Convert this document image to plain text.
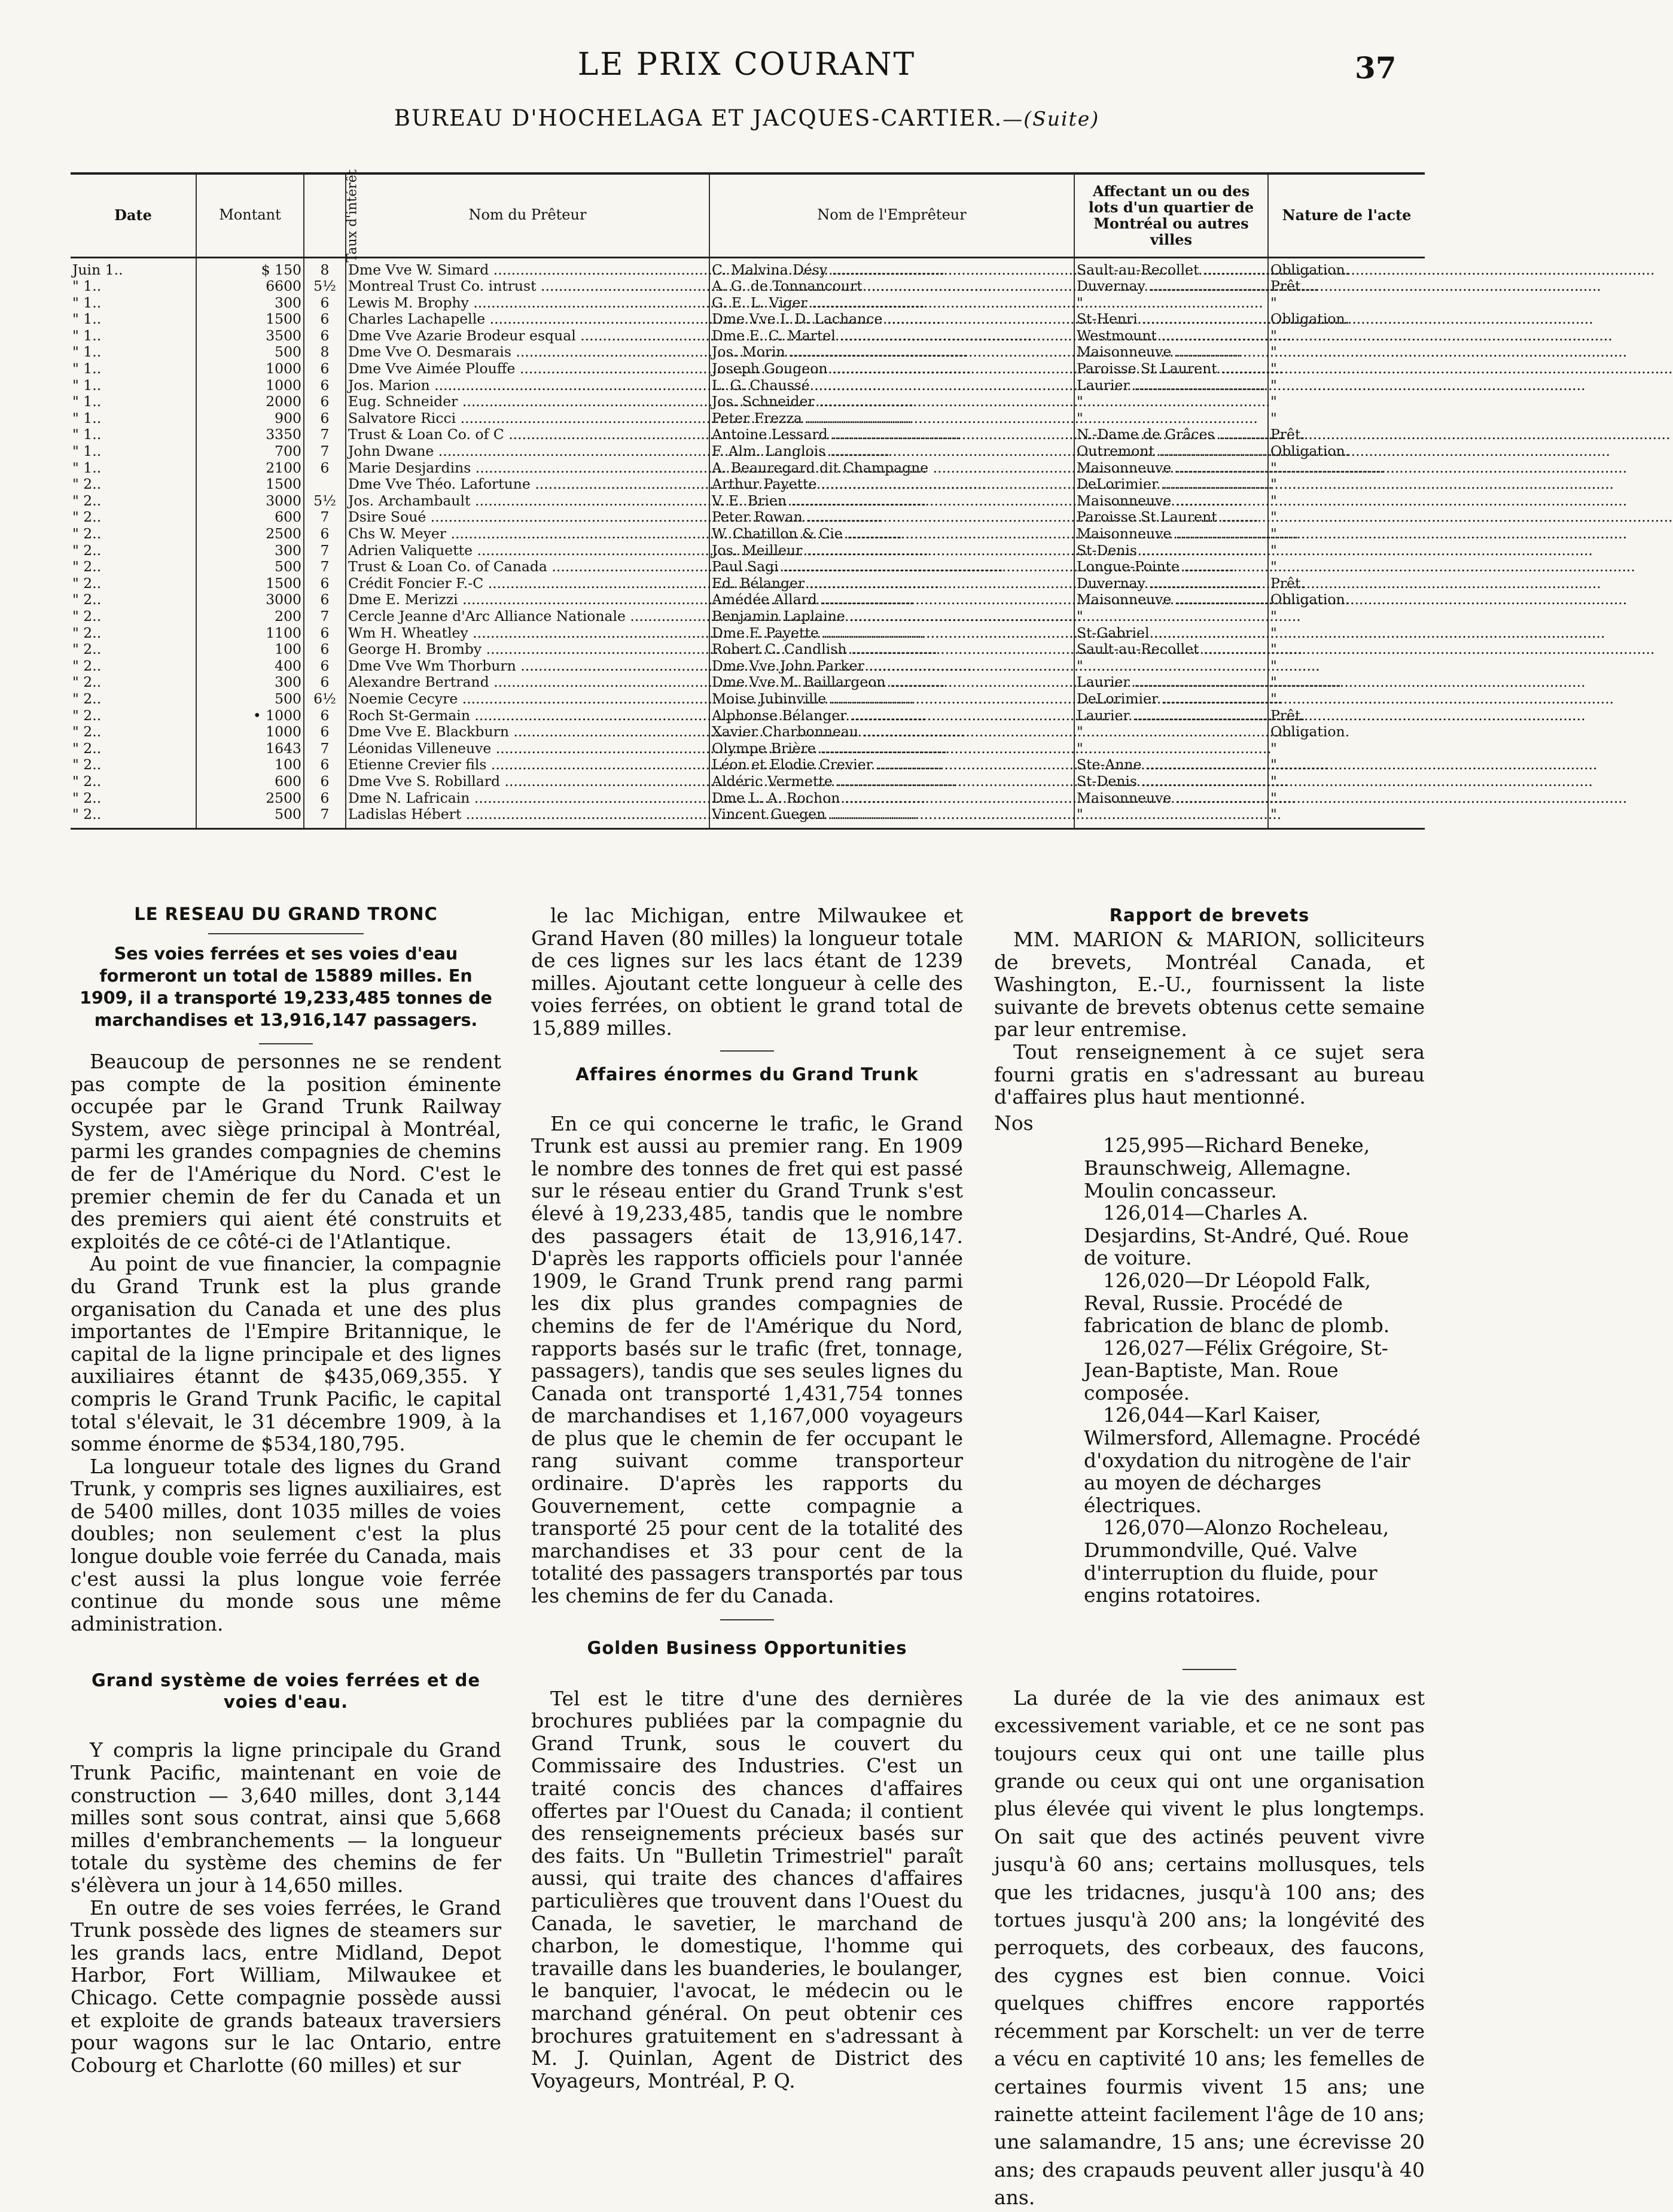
LE PRIX COURANT	37
BUREAU D'HOCHELAGA ET JACQUES-CARTIER.—(Suite)
Date	Montant	Taux d'intérêt	Nom du Prêteur	Nom de l'Emprêteur	Affectant un ou des lots d'un quartier de Montréal ou autres villes	Nature de l'acte
Juin 1..	$ 150	8	Dme Vve W. Simard .....	C. Malvina Désy .....	Sault-au-Recollet .....	Obligation.
" 1..	6600	5½	Montreal Trust Co. intrust .....	A. G. de Tonnancourt .....	Duvernay .....	Prêt.
" 1..	300	6	Lewis M. Brophy .....	G. E. L. Viger .....	"	"
" 1..	1500	6	Charles Lachapelle .....	Dme Vve I. D. Lachance .....	St-Henri .....	Obligation.
" 1..	3500	6	Dme Vve Azarie Brodeur esqual .....	Dme E. C. Martel .....	Westmount .....	"
" 1..	500	8	Dme Vve O. Desmarais .....	Jos. Morin .....	Maisonneuve .....	"
" 1..	1000	6	Dme Vve Aimée Plouffe .....	Joseph Gougeon .....	Paroisse St Laurent .....	"
" 1..	1000	6	Jos. Marion .....	L. G. Chaussé .....	Laurier .....	"
" 1..	2000	6	Eug. Schneider .....	Jos. Schneider .....	"	"
" 1..	900	6	Salvatore Ricci .....	Peter Frezza .....	"	"
" 1..	3350	7	Trust & Loan Co. of C .....	Antoine Lessard .....	N.-Dame de Grâces .....	Prêt.
" 1..	700	7	John Dwane .....	F. Alm. Langlois .....	Outremont .....	Obligation.
" 1..	2100	6	Marie Desjardins .....	A. Beauregard dit Champagne .....	Maisonneuve .....	"
" 2..	1500		Dme Vve Théo. Lafortune .....	Arthur Payette .....	DeLorimier .....	"
" 2..	3000	5½	Jos. Archambault .....	V. E. Brien .....	Maisonneuve .....	"
" 2..	600	7	Dsire Soué .....	Peter Rowan .....	Paroisse St Laurent .....	"
" 2..	2500	6	Chs W. Meyer .....	W. Chatillon & Cie .....	Maisonneuve .....	"
" 2..	300	7	Adrien Valiquette .....	Jos. Meilleur .....	St-Denis .....	"
" 2..	500	7	Trust & Loan Co. of Canada .....	Paul Sagi .....	Longue-Pointe .....	"
" 2..	1500	6	Crédit Foncier F.-C .....	Ed. Bélanger .....	Duvernay .....	Prêt.
" 2..	3000	6	Dme E. Merizzi .....	Amédée Allard .....	Maisonneuve .....	Obligation.
" 2..	200	7	Cercle Jeanne d'Arc Alliance Nationale .....	Benjamin Laplaine .....	"	"
" 2..	1100	6	Wm H. Wheatley .....	Dme F. Payette .....	St-Gabriel .....	"
" 2..	100	6	George H. Bromby .....	Robert C. Candlish .....	Sault-au-Recollet .....	"
" 2..	400	6	Dme Vve Wm Thorburn .....	Dme Vve John Parker .....	"	"
" 2..	300	6	Alexandre Bertrand .....	Dme Vve M. Baillargeon .....	Laurier .....	"
" 2..	500	6½	Noemie Cecyre .....	Moise Jubinville .....	DeLorimier .....	"
" 2..	• 1000	6	Roch St-Germain .....	Alphonse Bélanger .....	Laurier .....	Prêt.
" 2..	1000	6	Dme Vve E. Blackburn .....	Xavier Charbonneau .....	"	Obligation.
" 2..	1643	7	Léonidas Villeneuve .....	Olympe Brière .....	"	"
" 2..	100	6	Etienne Crevier fils .....	Léon et Elodie Crevier .....	Ste-Anne .....	"
" 2..	600	6	Dme Vve S. Robillard .....	Aldéric Vermette .....	St-Denis .....	"
" 2..	2500	6	Dme N. Lafricain .....	Dme L. A. Rochon .....	Maisonneuve .....	"
" 2..	500	7	Ladislas Hébert .....	Vincent Guegen .....	"	"
LE RESEAU DU GRAND TRONC
Ses voies ferrées et ses voies d'eau formeront un total de 15889 milles. En 1909, il a transporté 19,233,485 tonnes de marchandises et 13,916,147 passagers.

Beaucoup de personnes ne se rendent pas compte de la position éminente occupée par le Grand Trunk Railway System, avec siège principal à Montréal, parmi les grandes compagnies de chemins de fer de l'Amérique du Nord. C'est le premier chemin de fer du Canada et un des premiers qui aient été construits et exploités de ce côté-ci de l'Atlantique.

Au point de vue financier, la compagnie du Grand Trunk est la plus grande organisation du Canada et une des plus importantes de l'Empire Britannique, le capital de la ligne principale et des lignes auxiliaires étannt de $435,069,355. Y compris le Grand Trunk Pacific, le capital total s'élevait, le 31 décembre 1909, à la somme énorme de $534,180,795.

La longueur totale des lignes du Grand Trunk, y compris ses lignes auxiliaires, est de 5400 milles, dont 1035 milles de voies doubles; non seulement c'est la plus longue double voie ferrée du Canada, mais c'est aussi la plus longue voie ferrée continue du monde sous une même administration.

Grand système de voies ferrées et de voies d'eau.

Y compris la ligne principale du Grand Trunk Pacific, maintenant en voie de construction — 3,640 milles, dont 3,144 milles sont sous contrat, ainsi que 5,668 milles d'embranchements — la longueur totale du système des chemins de fer s'élèvera un jour à 14,650 milles.

En outre de ses voies ferrées, le Grand Trunk possède des lignes de steamers sur les grands lacs, entre Midland, Depot Harbor, Fort William, Milwaukee et Chicago. Cette compagnie possède aussi et exploite de grands bateaux traversiers pour wagons sur le lac Ontario, entre Cobourg et Charlotte (60 milles) et sur

le lac Michigan, entre Milwaukee et Grand Haven (80 milles) la longueur totale de ces lignes sur les lacs étant de 1239 milles. Ajoutant cette longueur à celle des voies ferrées, on obtient le grand total de 15,889 milles.

Affaires énormes du Grand Trunk

En ce qui concerne le trafic, le Grand Trunk est aussi au premier rang. En 1909 le nombre des tonnes de fret qui est passé sur le réseau entier du Grand Trunk s'est élevé à 19,233,485, tandis que le nombre des passagers était de 13,916,147. D'après les rapports officiels pour l'année 1909, le Grand Trunk prend rang parmi les dix plus grandes compagnies de chemins de fer de l'Amérique du Nord, rapports basés sur le trafic (fret, tonnage, passagers), tandis que ses seules lignes du Canada ont transporté 1,431,754 tonnes de marchandises et 1,167,000 voyageurs de plus que le chemin de fer occupant le rang suivant comme transporteur ordinaire. D'après les rapports du Gouvernement, cette compagnie a transporté 25 pour cent de la totalité des marchandises et 33 pour cent de la totalité des passagers transportés par tous les chemins de fer du Canada.

Golden Business Opportunities

Tel est le titre d'une des dernières brochures publiées par la compagnie du Grand Trunk, sous le couvert du Commissaire des Industries. C'est un traité concis des chances d'affaires offertes par l'Ouest du Canada; il contient des renseignements précieux basés sur des faits. Un "Bulletin Trimestriel" paraît aussi, qui traite des chances d'affaires particulières que trouvent dans l'Ouest du Canada, le savetier, le marchand de charbon, le domestique, l'homme qui travaille dans les buanderies, le boulanger, le banquier, l'avocat, le médecin ou le marchand général. On peut obtenir ces brochures gratuitement en s'adressant à M. J. Quinlan, Agent de District des Voyageurs, Montréal, P. Q.

Rapport de brevets

MM. MARION & MARION, solliciteurs de brevets, Montréal Canada, et Washington, E.-U., fournissent la liste suivante de brevets obtenus cette semaine par leur entremise.

Tout renseignement à ce sujet sera fourni gratis en s'adressant au bureau d'affaires plus haut mentionné.

Nos

125,995—Richard Beneke, Braunschweig, Allemagne. Moulin concasseur.

126,014—Charles A. Desjardins, St-André, Qué. Roue de voiture.

126,020—Dr Léopold Falk, Reval, Russie. Procédé de fabrication de blanc de plomb.

126,027—Félix Grégoire, St-Jean-Baptiste, Man. Roue composée.

126,044—Karl Kaiser, Wilmersford, Allemagne. Procédé d'oxydation du nitrogène de l'air au moyen de décharges électriques.

126,070—Alonzo Rocheleau, Drummondville, Qué. Valve d'interruption du fluide, pour engins rotatoires.

La durée de la vie des animaux est excessivement variable, et ce ne sont pas toujours ceux qui ont une taille plus grande ou ceux qui ont une organisation plus élevée qui vivent le plus longtemps. On sait que des actinés peuvent vivre jusqu'à 60 ans; certains mollusques, tels que les tridacnes, jusqu'à 100 ans; des tortues jusqu'à 200 ans; la longévité des perroquets, des corbeaux, des faucons, des cygnes est bien connue. Voici quelques chiffres encore rapportés récemment par Korschelt: un ver de terre a vécu en captivité 10 ans; les femelles de certaines fourmis vivent 15 ans; une rainette atteint facilement l'âge de 10 ans; une salamandre, 15 ans; une écrevisse 20 ans; des crapauds peuvent aller jusqu'à 40 ans.
